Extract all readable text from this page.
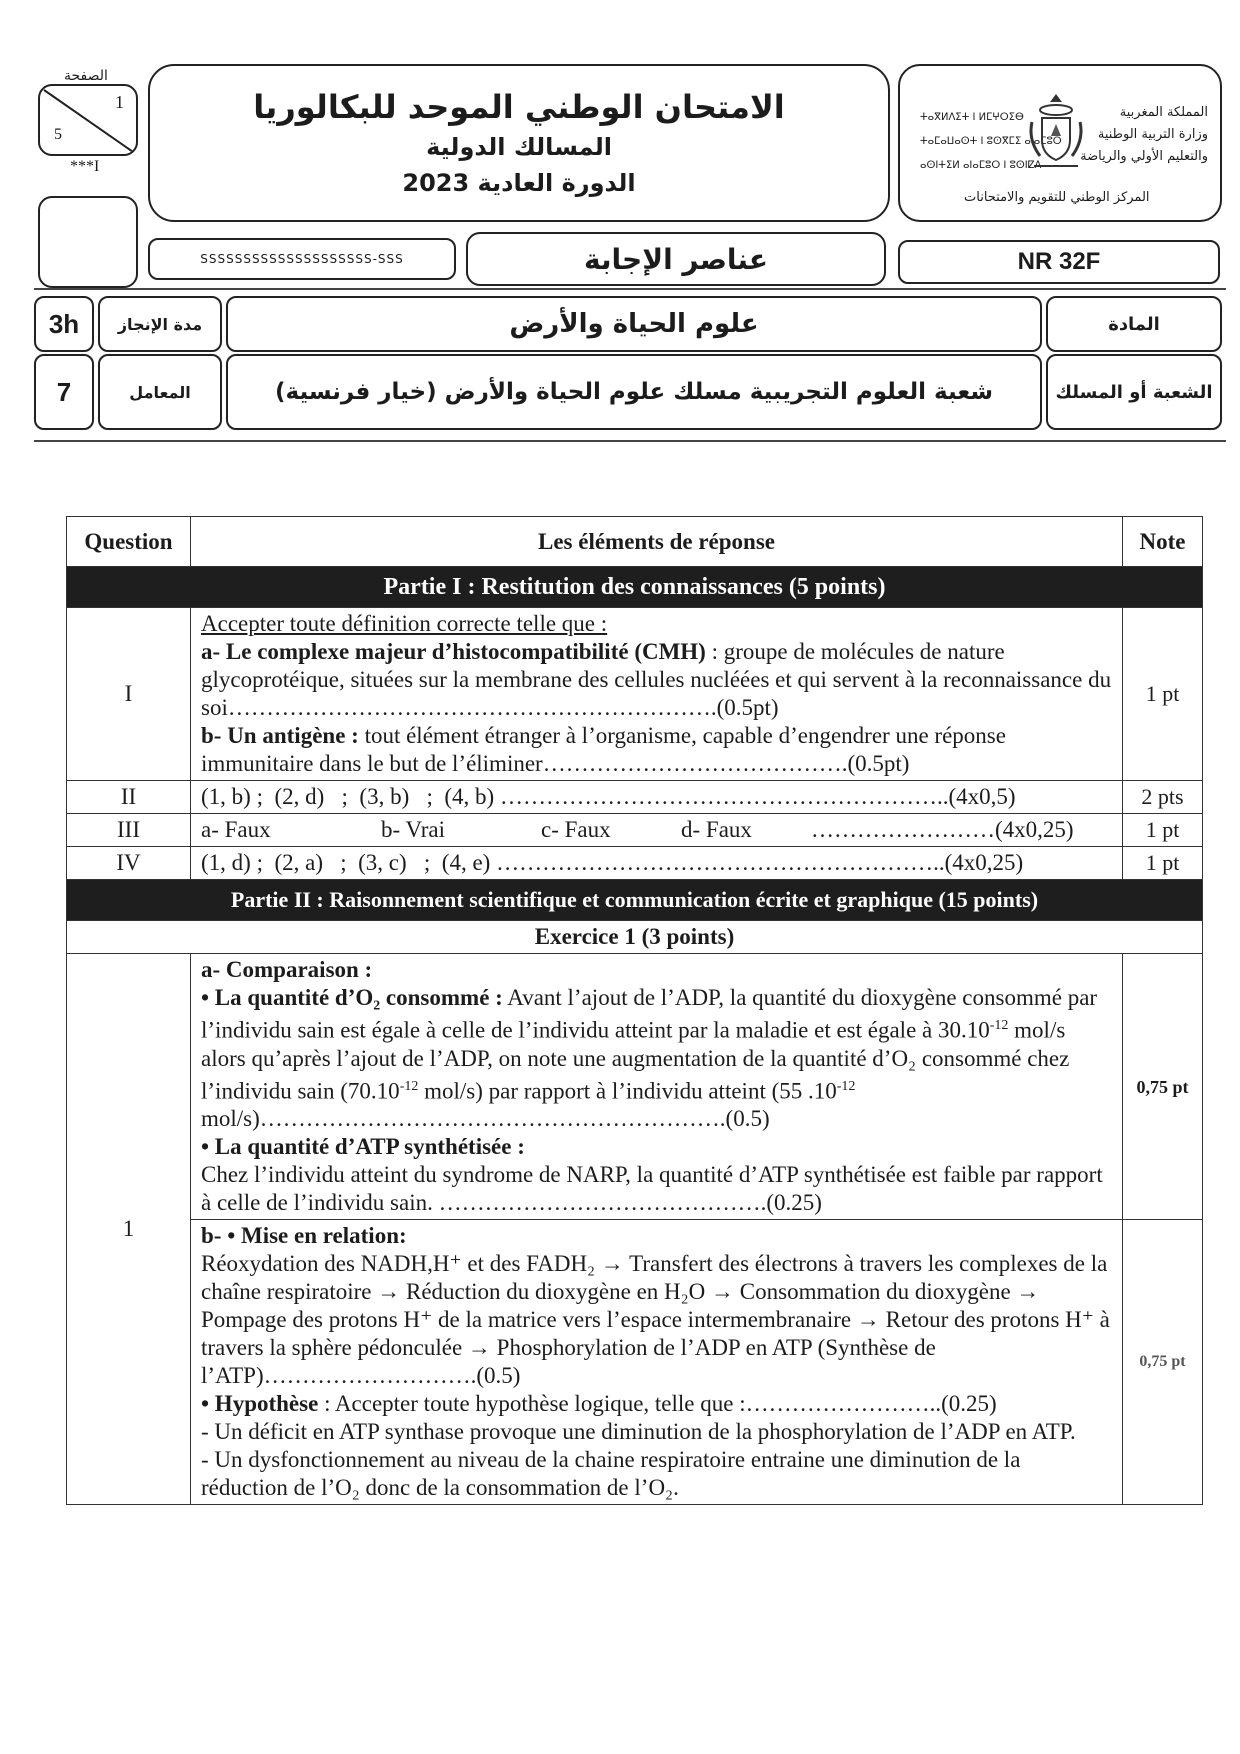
الصفحة
1
5
***I
الامتحان الوطني الموحد للبكالوريا
المسالك الدولية
الدورة العادية 2023
ⵜⴰⴳⵍⴷⵉⵜ ⵏ ⵍⵎⵖⵔⵉⴱ
ⵜⴰⵎⴰⵡⴰⵙⵜ ⵏ ⵓⵙⴳⵎⵉ ⴰⵏⴰⵎⵓⵔ
ⴰⵙⵏⵜⵉⵍ ⴰⵏⴰⵎⵓⵔ ⵏ ⵓⵙⵏⵇⴷ
المملكة المغربية
وزارة التربية الوطنية
والتعليم الأولي والرياضة
المركز الوطني للتقويم والامتحانات
SSSSSSSSSSSSSSSSSSSS-SSS	عناصر الإجابة	NR 32F
3h مدة الإنجاز	علوم الحياة والأرض	المادة
7	المعامل	شعبة العلوم التجريبية مسلك علوم الحياة والأرض (خيار فرنسية)	الشعبة أو المسلك
Question	Les éléments de réponse	Note
Partie I : Restitution des connaissances (5 points)		
I	Accepter toute définition correcte telle que :
a- Le complexe majeur d’histocompatibilité (CMH) : groupe de molécules de nature glycoprotéique, situées sur la membrane des cellules nucléées et qui servent à la reconnaissance du soi……………………………………………………….(0.5pt)
b- Un antigène : tout élément étranger à l’organisme, capable d’engendrer une réponse immunitaire dans le but de l’éliminer………………………………….(0.5pt)	1 pt
II	(1, b) ;  (2, d)   ;  (3, b)   ;  (4, b) …………………………………………………..(4x0,5)	2 pts
III	a- Faux b- Vrai c- Faux d- Faux ……………………(4x0,25)	1 pt
IV	(1, d) ;  (2, a)   ;  (3, c)   ;  (4, e) …………………………………………………..(4x0,25)	1 pt
Partie II : Raisonnement scientifique et communication écrite et graphique (15 points)		
Exercice 1 (3 points)		
1	a- Comparaison :
• La quantité d’O₂ consommé : Avant l’ajout de l’ADP, la quantité du dioxygène consommé par l’individu sain est égale à celle de l’individu atteint par la maladie et est égale à $30.10^{-12}$ mol/s alors qu’après l’ajout de l’ADP, on note une augmentation de la quantité d’O₂ consommé chez l’individu sain ($70.10^{-12}$ mol/s) par rapport à l’individu atteint (55 $.10^{-12}$ mol/s)…………………………………………………….(0.5)
• La quantité d’ATP synthétisée :
Chez l’individu atteint du syndrome de NARP, la quantité d’ATP synthétisée est faible par rapport à celle de l’individu sain. …………………………………….(0.25)	0,75 pt

	b- • Mise en relation:
Réoxydation des NADH,H⁺ et des FADH₂ → Transfert des électrons à travers les complexes de la chaîne respiratoire → Réduction du dioxygène en H₂O → Consommation du dioxygène → Pompage des protons H⁺ de la matrice vers l’espace intermembranaire → Retour des protons H⁺ à travers la sphère pédonculée → Phosphorylation de l’ADP en ATP (Synthèse de l’ATP)……………………….(0.5)
• Hypothèse : Accepter toute hypothèse logique, telle que :……………………..(0.25)
- Un déficit en ATP synthase provoque une diminution de la phosphorylation de l’ADP en ATP.
- Un dysfonctionnement au niveau de la chaine respiratoire entraine une diminution de la réduction de l’O₂ donc de la consommation de l’O₂.	0,75 pt
